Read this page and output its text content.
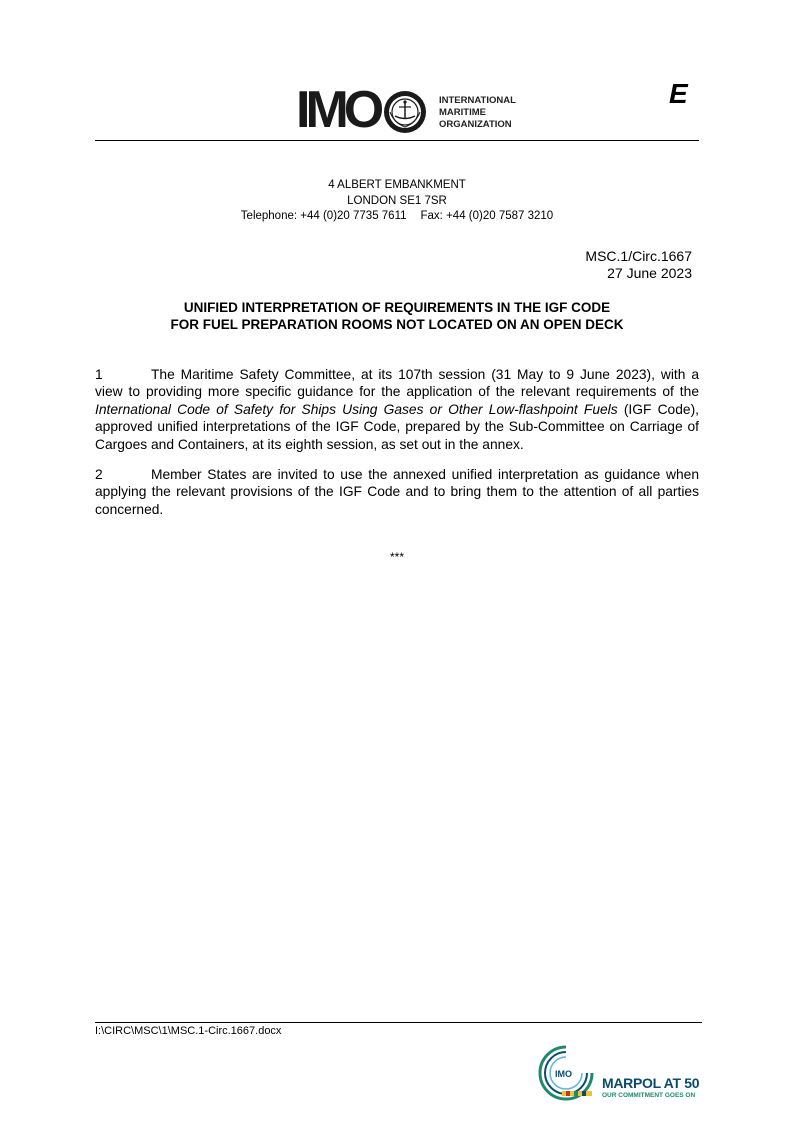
IMO	INTERNATIONAL
MARITIME
ORGANIZATION
E
4 ALBERT EMBANKMENT
LONDON SE1 7SR
Telephone: +44 (0)20 7735 7611 Fax: +44 (0)20 7587 3210
MSC.1/Circ.1667
27 June 2023
UNIFIED INTERPRETATION OF REQUIREMENTS IN THE IGF CODE
FOR FUEL PREPARATION ROOMS NOT LOCATED ON AN OPEN DECK
1	The Maritime Safety Committee, at its 107th session (31 May to 9 June 2023), with a view to providing more specific guidance for the application of the relevant requirements of the International Code of Safety for Ships Using Gases or Other Low-flashpoint Fuels (IGF Code), approved unified interpretations of the IGF Code, prepared by the Sub-Committee on Carriage of Cargoes and Containers, at its eighth session, as set out in the annex.
2	Member States are invited to use the annexed unified interpretation as guidance when applying the relevant provisions of the IGF Code and to bring them to the attention of all parties concerned.
***
I:\CIRC\MSC\1\MSC.1-Circ.1667.docx
IMO
MARPOL AT 50
OUR COMMITMENT GOES ON
